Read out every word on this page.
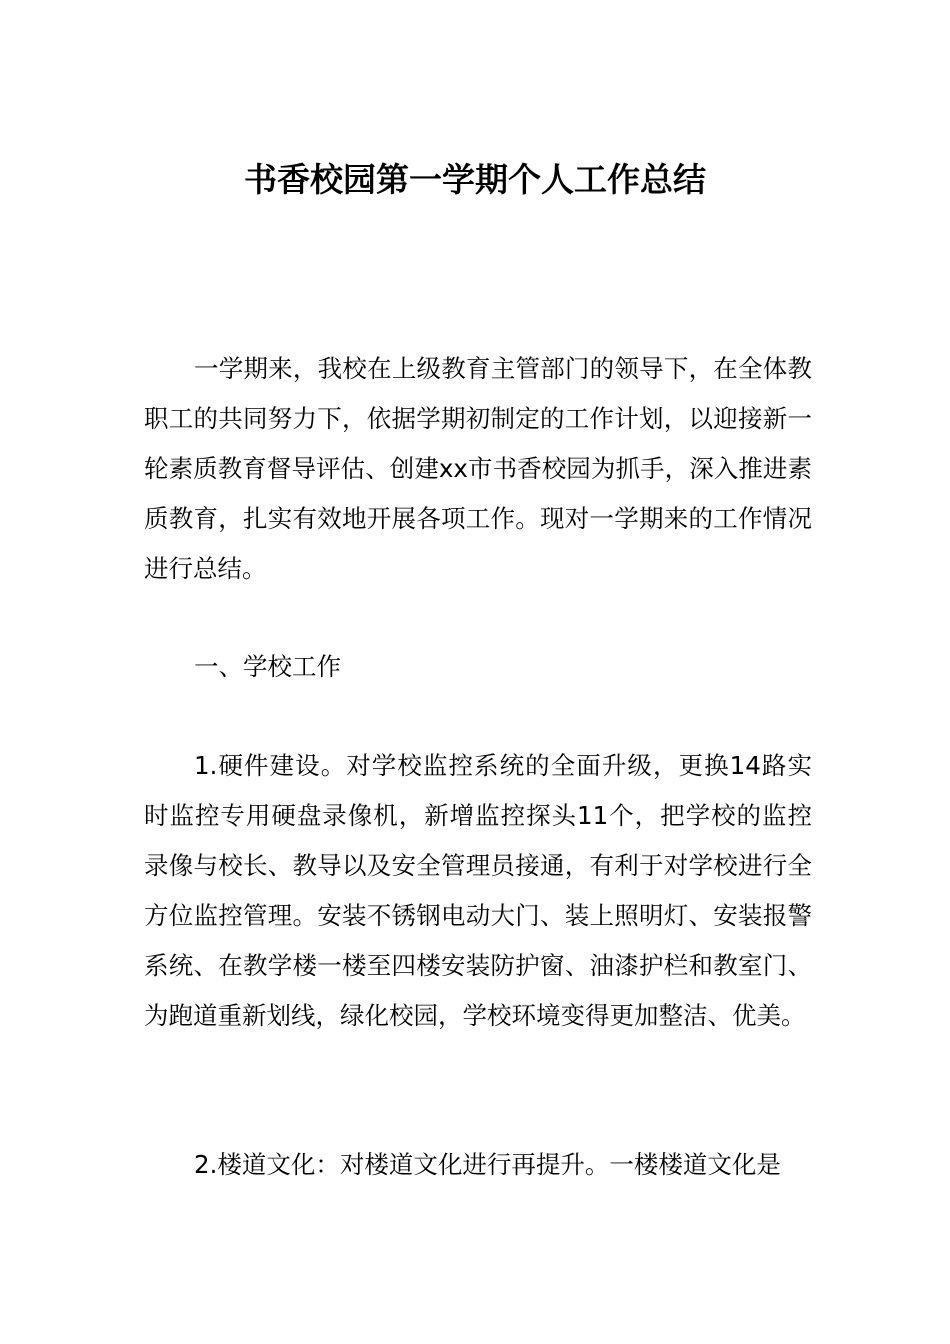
书香校园第一学期个人工作总结

一学期来，我校在上级教育主管部门的领导下，在全体教职工的共同努力下，依据学期初制定的工作计划，以迎接新一轮素质教育督导评估、创建xx市书香校园为抓手，深入推进素质教育，扎实有效地开展各项工作。现对一学期来的工作情况进行总结。

一、学校工作

1.硬件建设。对学校监控系统的全面升级，更换14路实时监控专用硬盘录像机，新增监控探头11个，把学校的监控录像与校长、教导以及安全管理员接通，有利于对学校进行全方位监控管理。安装不锈钢电动大门、装上照明灯、安装报警系统、在教学楼一楼至四楼安装防护窗、油漆护栏和教室门、为跑道重新划线，绿化校园，学校环境变得更加整洁、优美。

2.楼道文化：对楼道文化进行再提升。一楼楼道文化是
